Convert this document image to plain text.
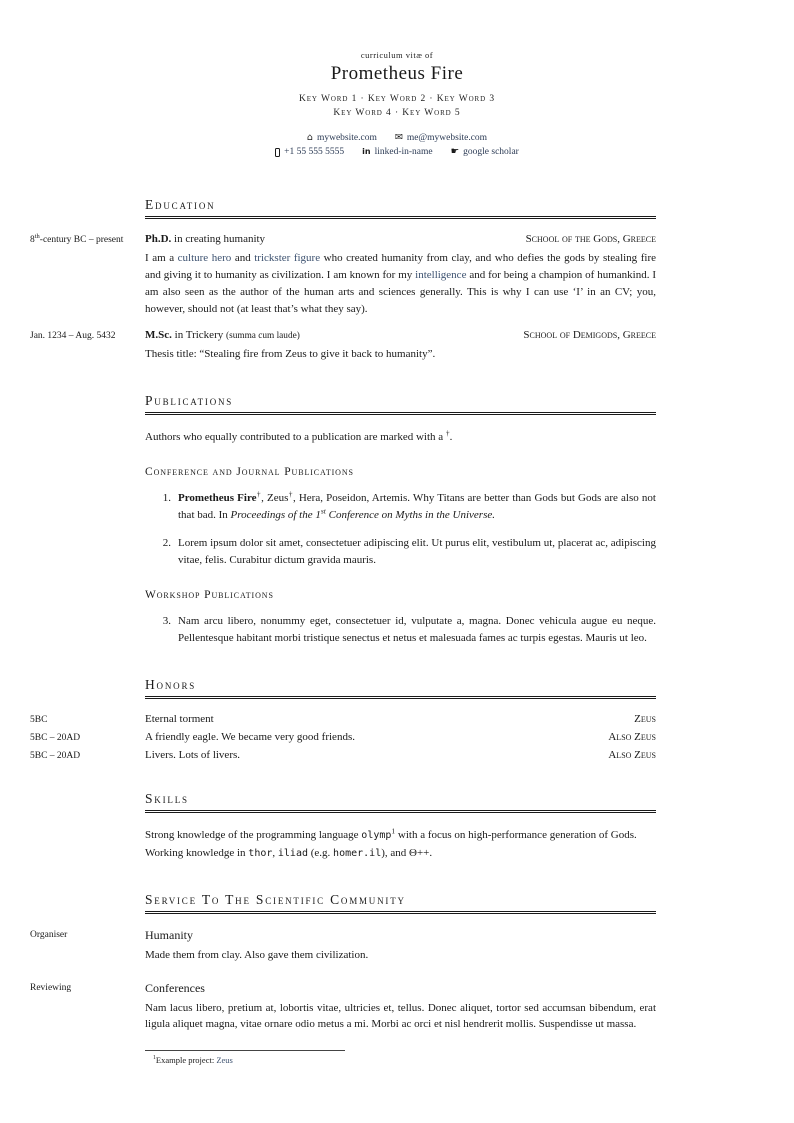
curriculum vitæ of
Prometheus Fire
Key Word 1 · Key Word 2 · Key Word 3
Key Word 4 · Key Word 5
⌂ mywebsite.com ✉ me@mywebsite.com
+1 55 555 5555 in linked-in-name ☛ google scholar
Education
8th-century BC – present	Ph.D. in creating humanity	School of the Gods, Greece
I am a culture hero and trickster figure who created humanity from clay, and who defies the gods by stealing fire and giving it to humanity as civilization. I am known for my intelligence and for being a champion of humankind. I am also seen as the author of the human arts and sciences generally. This is why I can use ‘I’ in an CV; you, however, should not (at least that’s what they say).
Jan. 1234 – Aug. 5432	M.Sc. in Trickery (summa cum laude)	School of Demigods, Greece
Thesis title: “Stealing fire from Zeus to give it back to humanity”.
Publications
Authors who equally contributed to a publication are marked with a †.
Conference and Journal Publications
1. Prometheus Fire†, Zeus†, Hera, Poseidon, Artemis. Why Titans are better than Gods but Gods are also not that bad. In Proceedings of the 1st Conference on Myths in the Universe.
2. Lorem ipsum dolor sit amet, consectetuer adipiscing elit. Ut purus elit, vestibulum ut, placerat ac, adipiscing vitae, felis. Curabitur dictum gravida mauris.
Workshop Publications
3. Nam arcu libero, nonummy eget, consectetuer id, vulputate a, magna. Donec vehicula augue eu neque. Pellentesque habitant morbi tristique senectus et netus et malesuada fames ac turpis egestas. Mauris ut leo.
Honors
5BC	Eternal torment	Zeus
5BC – 20AD	A friendly eagle. We became very good friends.	Also Zeus
5BC – 20AD	Livers. Lots of livers.	Also Zeus
Skills

Strong knowledge of the programming language olymp$^1$ with a focus on high-performance generation of Gods.

Working knowledge in thor, iliad (e.g. homer.il), and Θ++.

Service To The Scientific Community
Organiser	Humanity
Made them from clay. Also gave them civilization.
Reviewing	Conferences
Nam lacus libero, pretium at, lobortis vitae, ultricies et, tellus. Donec aliquet, tortor sed accumsan bibendum, erat ligula aliquet magna, vitae ornare odio metus a mi. Morbi ac orci et nisl hendrerit mollis. Suspendisse ut massa.
$^1$Example project: Zeus
